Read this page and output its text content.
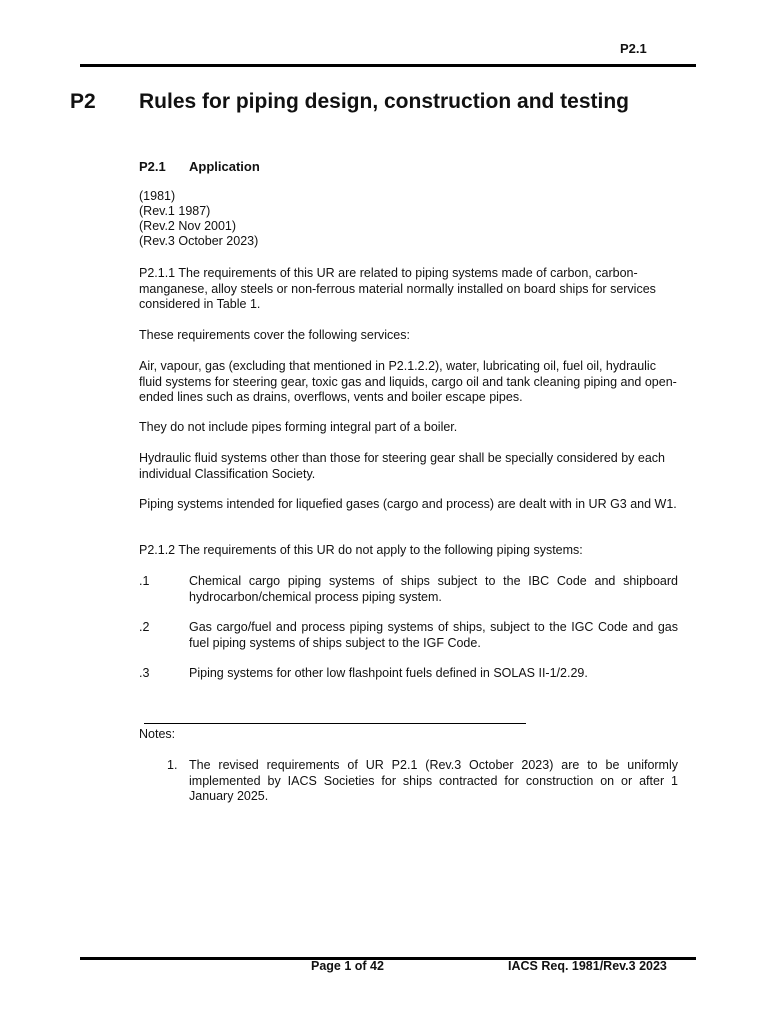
P2.1
P2 Rules for piping design, construction and testing
P2.1 Application
(1981)
(Rev.1 1987)
(Rev.2 Nov 2001)
(Rev.3 October 2023)
P2.1.1 The requirements of this UR are related to piping systems made of carbon, carbon-manganese, alloy steels or non-ferrous material normally installed on board ships for services considered in Table 1.
These requirements cover the following services:
Air, vapour, gas (excluding that mentioned in P2.1.2.2), water, lubricating oil, fuel oil, hydraulic fluid systems for steering gear, toxic gas and liquids, cargo oil and tank cleaning piping and open-ended lines such as drains, overflows, vents and boiler escape pipes.
They do not include pipes forming integral part of a boiler.
Hydraulic fluid systems other than those for steering gear shall be specially considered by each individual Classification Society.
Piping systems intended for liquefied gases (cargo and process) are dealt with in UR G3 and W1.
P2.1.2 The requirements of this UR do not apply to the following piping systems:
.1	Chemical cargo piping systems of ships subject to the IBC Code and shipboard hydrocarbon/chemical process piping system.
.2	Gas cargo/fuel and process piping systems of ships, subject to the IGC Code and gas fuel piping systems of ships subject to the IGF Code.
.3	Piping systems for other low flashpoint fuels defined in SOLAS II-1/2.29.
Notes:
1. The revised requirements of UR P2.1 (Rev.3 October 2023) are to be uniformly implemented by IACS Societies for ships contracted for construction on or after 1 January 2025.
Page 1 of 42	IACS Req. 1981/Rev.3 2023
